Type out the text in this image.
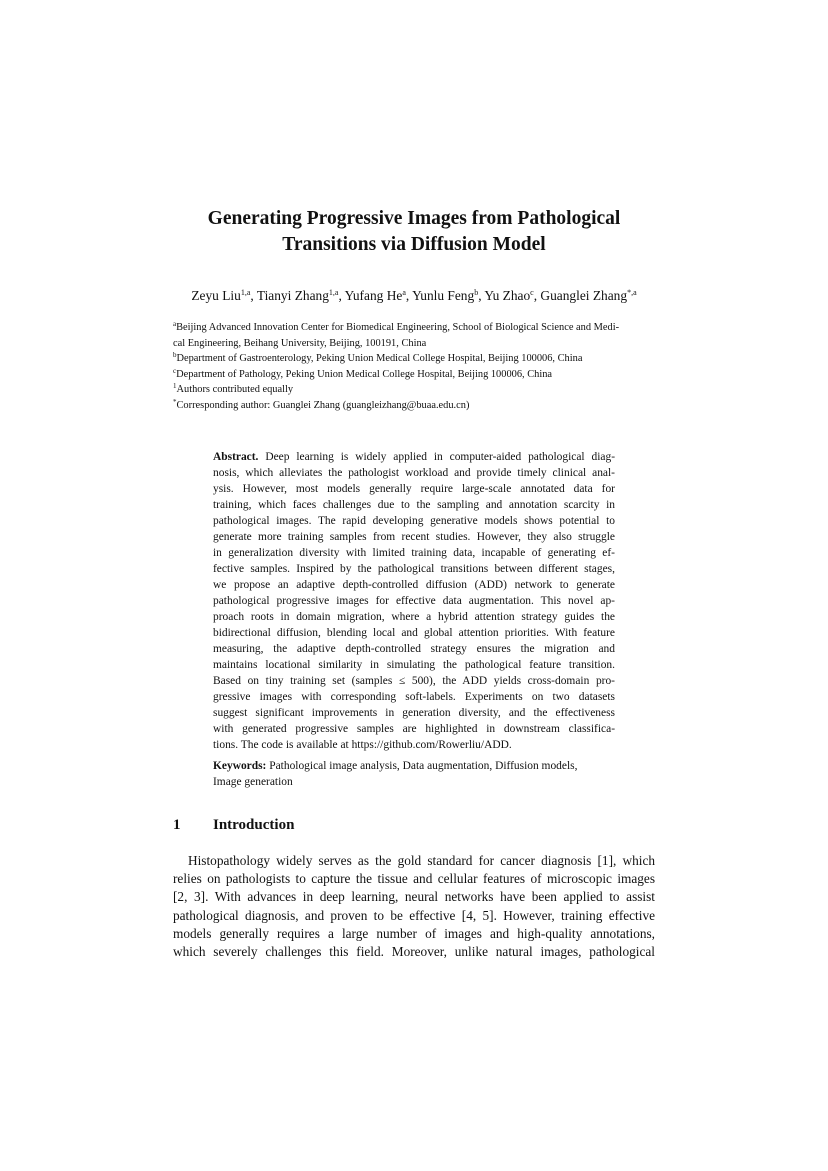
Generating Progressive Images from Pathological
Transitions via Diffusion Model
Zeyu Liu$^{1,a}$, Tianyi Zhang$^{1,a}$, Yufang He$^a$, Yunlu Feng$^b$, Yu Zhao$^c$, Guanglei Zhang$^{*,a}$
$^a$Beijing Advanced Innovation Center for Biomedical Engineering, School of Biological Science and Medi-
cal Engineering, Beihang University, Beijing, 100191, China
$^b$Department of Gastroenterology, Peking Union Medical College Hospital, Beijing 100006, China
$^c$Department of Pathology, Peking Union Medical College Hospital, Beijing 100006, China
$^1$Authors contributed equally
*Corresponding author: Guanglei Zhang (guangleizhang@buaa.edu.cn)
Abstract. Deep learning is widely applied in computer-aided pathological diag-
nosis, which alleviates the pathologist workload and provide timely clinical anal-
ysis. However, most models generally require large-scale annotated data for
training, which faces challenges due to the sampling and annotation scarcity in
pathological images. The rapid developing generative models shows potential to
generate more training samples from recent studies. However, they also struggle
in generalization diversity with limited training data, incapable of generating ef-
fective samples. Inspired by the pathological transitions between different stages,
we propose an adaptive depth-controlled diffusion (ADD) network to generate
pathological progressive images for effective data augmentation. This novel ap-
proach roots in domain migration, where a hybrid attention strategy guides the
bidirectional diffusion, blending local and global attention priorities. With feature
measuring, the adaptive depth-controlled strategy ensures the migration and
maintains locational similarity in simulating the pathological feature transition.
Based on tiny training set (samples ≤ 500), the ADD yields cross-domain pro-
gressive images with corresponding soft-labels. Experiments on two datasets
suggest significant improvements in generation diversity, and the effectiveness
with generated progressive samples are highlighted in downstream classifica-
tions. The code is available at https://github.com/Rowerliu/ADD.
Keywords: Pathological image analysis, Data augmentation, Diffusion models,
Image generation
1 Introduction
Histopathology widely serves as the gold standard for cancer diagnosis [1], which
relies on pathologists to capture the tissue and cellular features of microscopic images
[2, 3]. With advances in deep learning, neural networks have been applied to assist
pathological diagnosis, and proven to be effective [4, 5]. However, training effective
models generally requires a large number of images and high-quality annotations,
which severely challenges this field. Moreover, unlike natural images, pathological
